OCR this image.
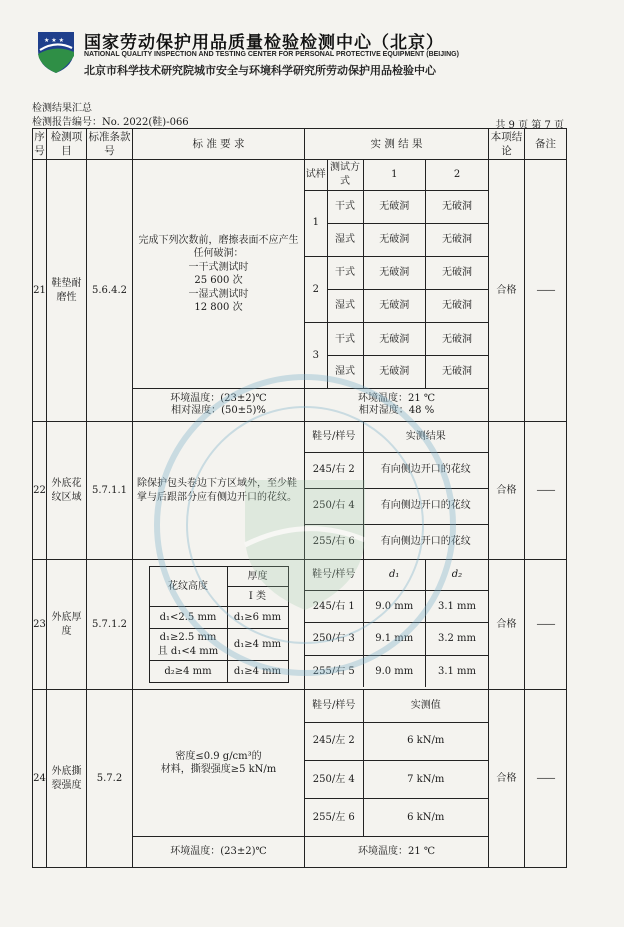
★ ★ ★ 国家劳动保护用品质量检验检测中心（北京）
NATIONAL QUALITY INSPECTION AND TESTING CENTER FOR PERSONAL PROTECTIVE EQUIPMENT (BEIJING)
北京市科学技术研究院城市安全与环境科学研究所劳动保护用品检验中心
检测结果汇总
检测报告编号：No. 2022(鞋)-066	共 9 页 第 7 页
序号	检测项目	标准条款号	标 准 要 求	实 测 结 果	本项结论	备注
21	鞋垫耐磨性	5.6.4.2	
完成下列次数前，磨擦表面不应产生任何破洞：
一干式测试时
25 600 次
一湿式测试时
12 800 次
环境温度：(23±2)℃
相对湿度：(50±5)%

试样	测试方式	1	2
1	干式	无破洞	无破洞
湿式	无破洞	无破洞
2	干式	无破洞	无破洞
湿式	无破洞	无破洞
3	干式	无破洞	无破洞
湿式	无破洞	无破洞
环境温度：21 ℃
相对湿度：48 %
	合格	——
22	外底花纹区域	5.7.1.1	除保护包头卷边下方区域外，至少鞋掌与后跟部分应有侧边开口的花纹。	
鞋号/样号	实测结果
245/右 2	有向侧边开口的花纹
250/右 4	有向侧边开口的花纹
255/右 6	有向侧边开口的花纹
	合格	——
23	外底厚度	5.7.1.2	
花纹高度	厚度
I 类
d₁<2.5 mm	d₁≥6 mm
d₁≥2.5 mm
且 d₁<4 mm	d₁≥4 mm
d₂≥4 mm	d₁≥4 mm

鞋号/样号	d₁	d₂
245/右 1	9.0 mm	3.1 mm
250/右 3	9.1 mm	3.2 mm
255/右 5	9.0 mm	3.1 mm
	合格	——
24	外底撕裂强度	5.7.2	
密度≤0.9 g/cm³的
材料，撕裂强度≥5 kN/m
环境温度：(23±2)℃

鞋号/样号	实测值
245/左 2	6 kN/m
250/左 4	7 kN/m
255/左 6	6 kN/m
环境温度：21 ℃
	合格	——
